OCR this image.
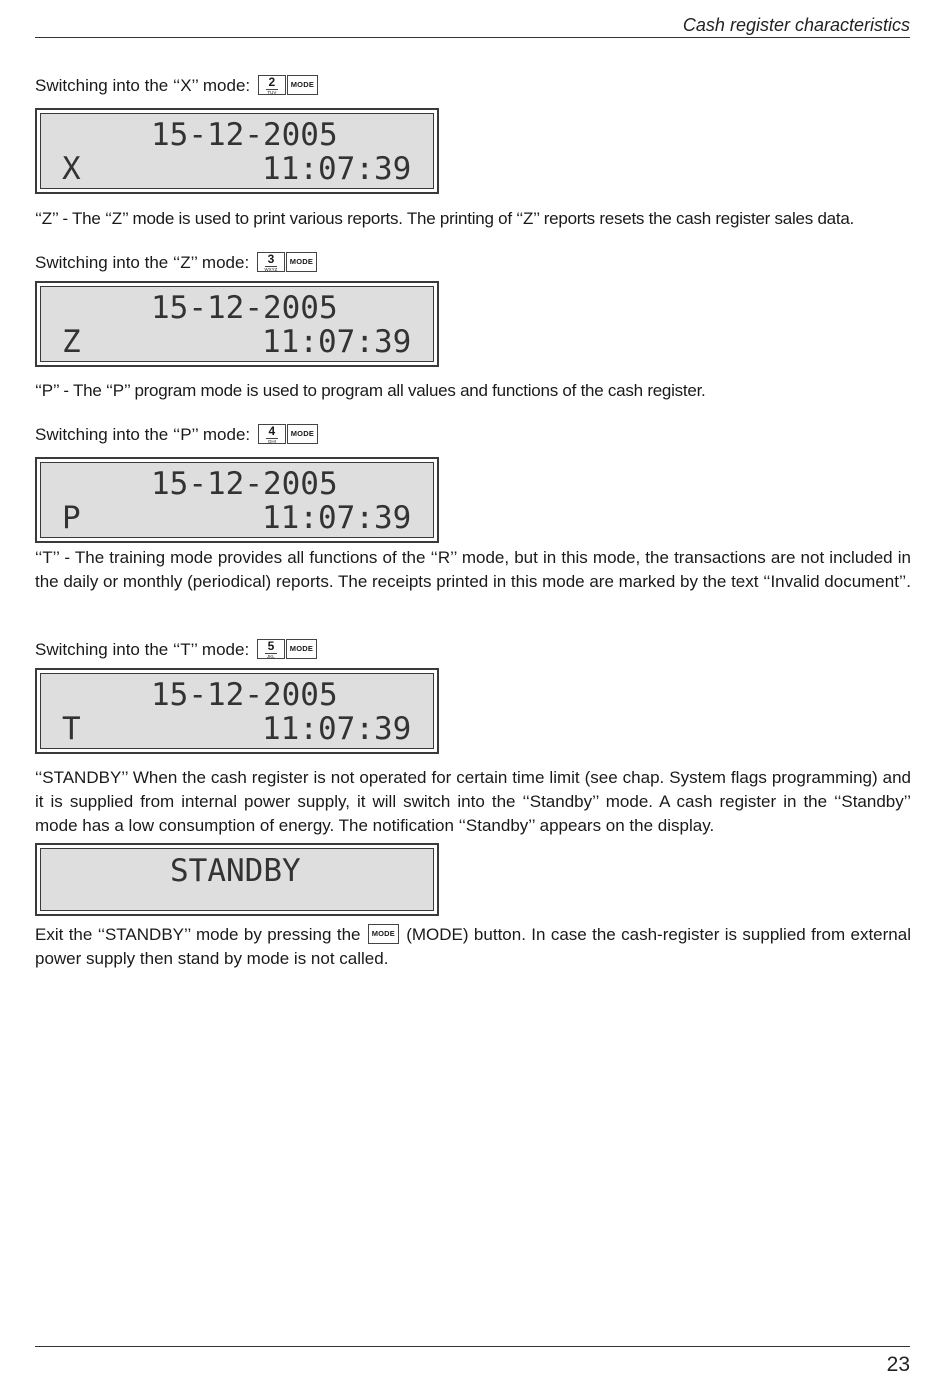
Cash register characteristics
Switching into the ‘‘X’’ mode:	2
TUV
MODE
15-12-2005
X	11:07:39
‘‘Z’’ - The ‘‘Z’’ mode is used to print various reports. The printing of ‘‘Z’’ reports resets the cash register sales data.
Switching into the ‘‘Z’’ mode:	3
WXYZ
MODE
15-12-2005
Z	11:07:39
‘‘P’’ - The ‘‘P’’ program mode is used to program all values and functions of the cash register.
Switching into the ‘‘P’’ mode:	4
GHI
MODE
15-12-2005
P	11:07:39
‘‘T’’ - The training mode provides all functions of the ‘‘R’’ mode, but in this mode, the transactions are not included in the daily or monthly (periodical) reports. The receipts printed in this mode are marked by the text ‘‘Invalid document’’.
Switching into the ‘‘T’’ mode:	5
JKL
MODE
15-12-2005
T	11:07:39
‘‘STANDBY’’ When the cash register is not operated for certain time limit (see chap. System flags programming) and it is supplied from internal power supply, it will switch into the ‘‘Standby’’ mode. A cash register in the ‘‘Standby’’ mode has a low consumption of energy. The notification ‘‘Standby’’ appears on the display.
STANDBY
Exit the ‘‘STANDBY’’ mode by pressing the	MODE (MODE) button. In case the cash-register is supplied from external power supply then stand by mode is not called.
23
